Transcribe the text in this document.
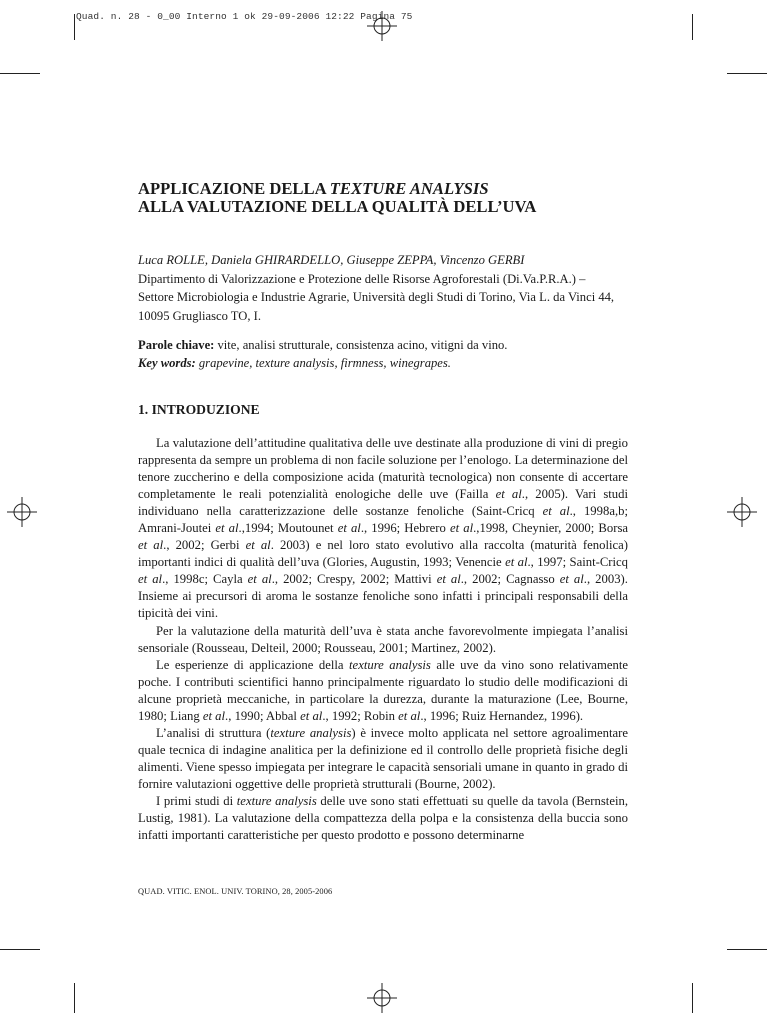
Quad. n. 28 - 0_00 Interno 1 ok 29-09-2006 12:22 Pagina 75
APPLICAZIONE DELLA TEXTURE ANALYSIS
ALLA VALUTAZIONE DELLA QUALITÀ DELL’UVA

Luca ROLLE, Daniela GHIRARDELLO, Giuseppe ZEPPA, Vincenzo GERBI

Dipartimento di Valorizzazione e Protezione delle Risorse Agroforestali (Di.Va.P.R.A.) –

Settore Microbiologia e Industrie Agrarie, Università degli Studi di Torino, Via L. da Vinci 44,

10095 Grugliasco TO, I.

Parole chiave: vite, analisi strutturale, consistenza acino, vitigni da vino.

Key words: grapevine, texture analysis, firmness, winegrapes.

1. INTRODUZIONE

La valutazione dell’attitudine qualitativa delle uve destinate alla produzione di vini di pregio rappresenta da sempre un problema di non facile soluzione per l’enologo. La determinazione del tenore zuccherino e della composizione acida (maturità tecnologica) non consente di accertare completamente le reali potenzialità enologiche delle uve (Failla et al., 2005). Vari studi individuano nella caratterizzazione delle sostanze fenoliche (Saint-Cricq et al., 1998a,b; Amrani-Joutei et al.,1994; Moutounet et al., 1996; Hebrero et al.,1998, Cheynier, 2000; Borsa et al., 2002; Gerbi et al. 2003) e nel loro stato evolutivo alla raccolta (maturità fenolica) importanti indici di qualità dell’uva (Glories, Augustin, 1993; Venencie et al., 1997; Saint-Cricq et al., 1998c; Cayla et al., 2002; Crespy, 2002; Mattivi et al., 2002; Cagnasso et al., 2003). Insieme ai precursori di aroma le sostanze fenoliche sono infatti i principali responsabili della tipicità dei vini.

Per la valutazione della maturità dell’uva è stata anche favorevolmente impiegata l’analisi sensoriale (Rousseau, Delteil, 2000; Rousseau, 2001; Martinez, 2002).

Le esperienze di applicazione della texture analysis alle uve da vino sono relativamente poche. I contributi scientifici hanno principalmente riguardato lo studio delle modificazioni di alcune proprietà meccaniche, in particolare la durezza, durante la maturazione (Lee, Bourne, 1980; Liang et al., 1990; Abbal et al., 1992; Robin et al., 1996; Ruiz Hernandez, 1996).

L’analisi di struttura (texture analysis) è invece molto applicata nel settore agroalimentare quale tecnica di indagine analitica per la definizione ed il controllo delle proprietà fisiche degli alimenti. Viene spesso impiegata per integrare le capacità sensoriali umane in quanto in grado di fornire valutazioni oggettive delle proprietà strutturali (Bourne, 2002).

I primi studi di texture analysis delle uve sono stati effettuati su quelle da tavola (Bernstein, Lustig, 1981). La valutazione della compattezza della polpa e la consistenza della buccia sono infatti importanti caratteristiche per questo prodotto e possono determinarne

QUAD. VITIC. ENOL. UNIV. TORINO, 28, 2005-2006
